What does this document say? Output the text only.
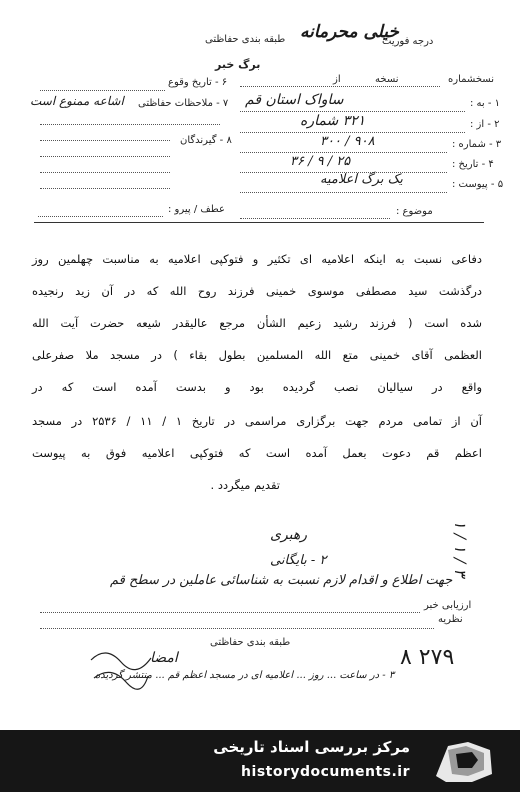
طبقه بندی حفاظتی خیلی محرمانه
برگ خبر
درجه فوریت
نسخشماره
نسخه
از
۱ - به :
ساواک استان قم
۲ - از :
۳۲۱ شماره
۳ - شماره :
۹۰۸ / ۳۰۰
۴ - تاریخ :
۲۵ / ۹ / ۳۶
۵ - پیوست :
یک برگ اعلامیه
موضوع :
عطف / پیرو :
۶ - تاریخ وقوع
۷ - ملاحظات حفاظتی
اشاعه ممنوع است
۸ - گیرندگان
دفاعی نسبت به اینکه اعلامیه ای تکثیر و فتوکپی اعلامیه به مناسبت چهلمین روز
درگذشت سید مصطفی موسوی خمینی فرزند روح الله که در آن زید رنجیده
شده است ( فرزند رشید زعیم الشأن مرجع عالیقدر شیعه حضرت آیت الله
العظمی آقای خمینی متع الله المسلمین بطول بقاء ) در مسجد ملا صفرعلی
واقع در سیالیان نصب گردیده بود و بدست آمده است که در
آن از تمامی مردم جهت برگزاری مراسمی در تاریخ ۱ / ۱۱ / ۲۵۳۶ در مسجد
اعظم قم دعوت بعمل آمده است که فتوکپی اعلامیه فوق به پیوست
تقدیم میگردد .
۳ / ۱ / ۱
رهبری
۲ - بایگانی
جهت اطلاع و اقدام لازم نسبت به شناسائی عاملین در سطح قم
ارزیابی خبر
نظریه
طبقه بندی حفاظتی
امضا	۸ ۲۷۹
۳ - در ساعت ... روز ... اعلامیه ای در مسجد اعظم قم ... منتشر گردیده
مرکز بررسی اسناد تاریخی
historydocuments.ir
